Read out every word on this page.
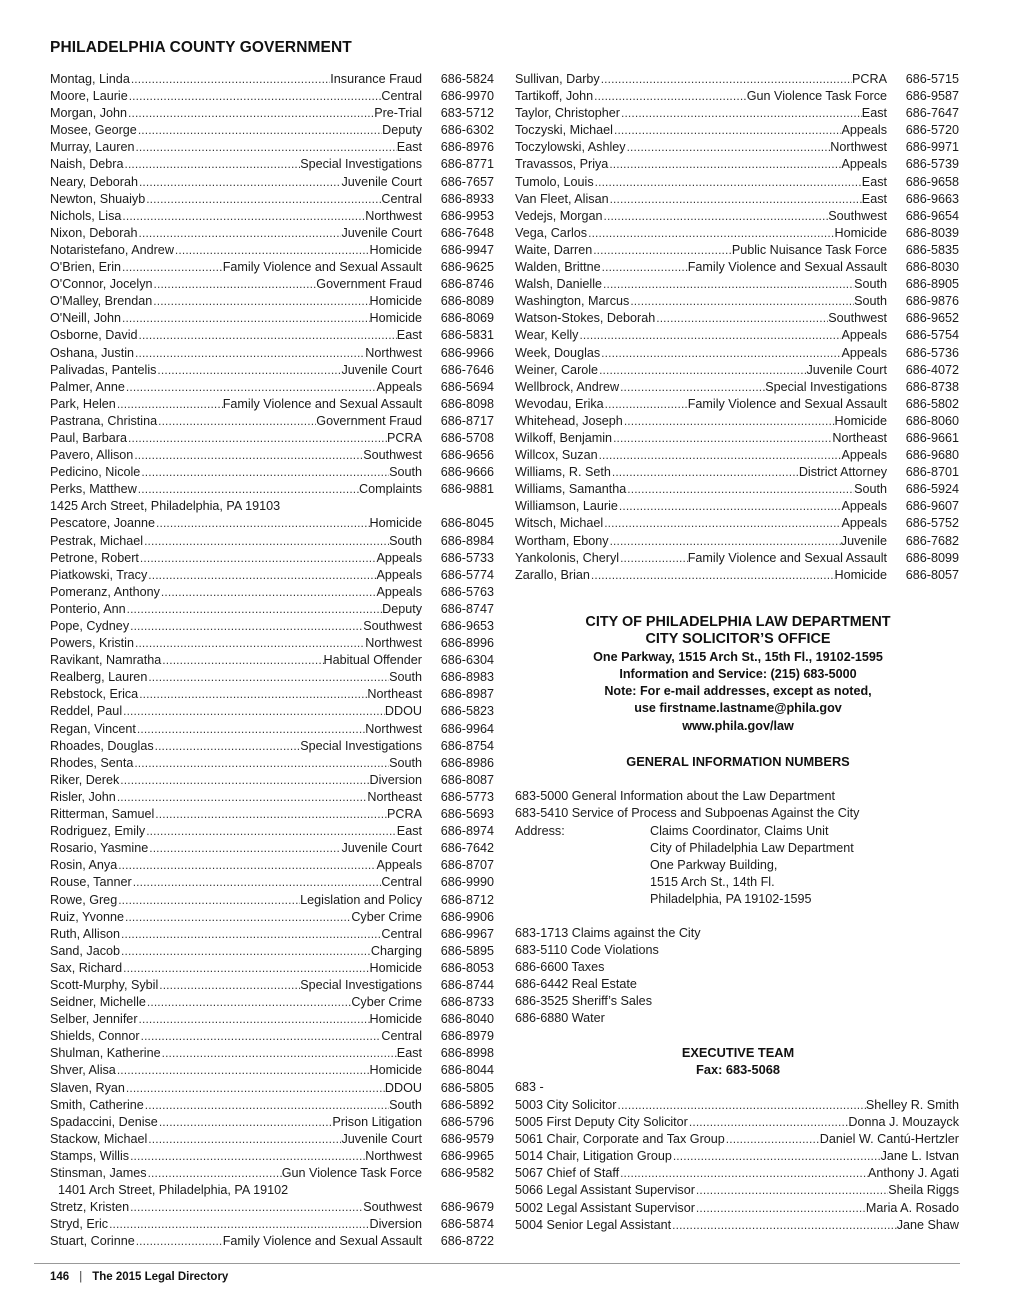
PHILADELPHIA COUNTY GOVERNMENT
Montag, Linda . . .	Insurance Fraud	686-5824
Moore, Laurie . . .	Central	686-9970
Morgan, John . . .	Pre-Trial	683-5712
Mosee, George . . .	Deputy	686-6302
Murray, Lauren . . .	East	686-8976
Naish, Debra . . .	Special Investigations	686-8771
Neary, Deborah . . .	Juvenile Court	686-7657
Newton, Shuaiyb . . .	Central	686-8933
Nichols, Lisa . . .	Northwest	686-9953
Nixon, Deborah . . .	Juvenile Court	686-7648
Notaristefano, Andrew . . .	Homicide	686-9947
O'Brien, Erin . . .	Family Violence and Sexual Assault	686-9625
O'Connor, Jocelyn . . .	Government Fraud	686-8746
O'Malley, Brendan . . .	Homicide	686-8089
O'Neill, John . . .	Homicide	686-8069
Osborne, David . . .	East	686-5831
Oshana, Justin . . .	Northwest	686-9966
Palivadas, Pantelis . . .	Juvenile Court	686-7646
Palmer, Anne . . .	Appeals	686-5694
Park, Helen . . .	Family Violence and Sexual Assault	686-8098
Pastrana, Christina . . .	Government Fraud	686-8717
Paul, Barbara . . .	PCRA	686-5708
Pavero, Allison . . .	Southwest	686-9656
Pedicino, Nicole . . .	South	686-9666
Perks, Matthew . . .	Complaints	686-9881
1425 Arch Street, Philadelphia, PA 19103
Pescatore, Joanne . . .	Homicide	686-8045
Pestrak, Michael . . .	South	686-8984
Petrone, Robert . . .	Appeals	686-5733
Piatkowski, Tracy . . .	Appeals	686-5774
Pomeranz, Anthony . . .	Appeals	686-5763
Ponterio, Ann . . .	Deputy	686-8747
Pope, Cydney . . .	Southwest	686-9653
Powers, Kristin . . .	Northwest	686-8996
Ravikant, Namratha . . .	Habitual Offender	686-6304
Realberg, Lauren . . .	South	686-8983
Rebstock, Erica . . .	Northeast	686-8987
Reddel, Paul . . .	DDOU	686-5823
Regan, Vincent . . .	Northwest	686-9964
Rhoades, Douglas . . .	Special Investigations	686-8754
Rhodes, Senta . . .	South	686-8986
Riker, Derek . . .	Diversion	686-8087
Risler, John . . .	Northeast	686-5773
Ritterman, Samuel . . .	PCRA	686-5693
Rodriguez, Emily . . .	East	686-8974
Rosario, Yasmine . . .	Juvenile Court	686-7642
Rosin, Anya . . .	Appeals	686-8707
Rouse, Tanner . . .	Central	686-9990
Rowe, Greg . . .	Legislation and Policy	686-8712
Ruiz, Yvonne . . .	Cyber Crime	686-9906
Ruth, Allison . . .	Central	686-9967
Sand, Jacob . . .	Charging	686-5895
Sax, Richard . . .	Homicide	686-8053
Scott-Murphy, Sybil . . .	Special Investigations	686-8744
Seidner, Michelle . . .	Cyber Crime	686-8733
Selber, Jennifer . . .	Homicide	686-8040
Shields, Connor . . .	Central	686-8979
Shulman, Katherine . . .	East	686-8998
Shver, Alisa . . .	Homicide	686-8044
Slaven, Ryan . . .	DDOU	686-5805
Smith, Catherine . . .	South	686-5892
Spadaccini, Denise . . .	Prison Litigation	686-5796
Stackow, Michael . . .	Juvenile Court	686-9579
Stamps, Willis . . .	Northwest	686-9965
Stinsman, James . . .	Gun Violence Task Force	686-9582
1401 Arch Street, Philadelphia, PA 19102
Stretz, Kristen . . .	Southwest	686-9679
Stryd, Eric . . .	Diversion	686-5874
Stuart, Corinne . . .	Family Violence and Sexual Assault	686-8722
Sullivan, Darby . . .	PCRA	686-5715
Tartikoff, John . . .	Gun Violence Task Force	686-9587
Taylor, Christopher . . .	East	686-7647
Toczyski, Michael . . .	Appeals	686-5720
Toczylowski, Ashley . . .	Northwest	686-9971
Travassos, Priya . . .	Appeals	686-5739
Tumolo, Louis . . .	East	686-9658
Van Fleet, Alisan . . .	East	686-9663
Vedejs, Morgan . . .	Southwest	686-9654
Vega, Carlos . . .	Homicide	686-8039
Waite, Darren . . .	Public Nuisance Task Force	686-5835
Walden, Brittne . . .	Family Violence and Sexual Assault	686-8030
Walsh, Danielle . . .	South	686-8905
Washington, Marcus . . .	South	686-9876
Watson-Stokes, Deborah . . .	Southwest	686-9652
Wear, Kelly . . .	Appeals	686-5754
Week, Douglas . . .	Appeals	686-5736
Weiner, Carole . . .	Juvenile Court	686-4072
Wellbrock, Andrew . . .	Special Investigations	686-8738
Wevodau, Erika . . .	Family Violence and Sexual Assault	686-5802
Whitehead, Joseph . . .	Homicide	686-8060
Wilkoff, Benjamin . . .	Northeast	686-9661
Willcox, Suzan . . .	Appeals	686-9680
Williams, R. Seth . . .	District Attorney	686-8701
Williams, Samantha . . .	South	686-5924
Williamson, Laurie . . .	Appeals	686-9607
Witsch, Michael . . .	Appeals	686-5752
Wortham, Ebony . . .	Juvenile	686-7682
Yankolonis, Cheryl . . .	Family Violence and Sexual Assault	686-8099
Zarallo, Brian . . .	Homicide	686-8057
CITY OF PHILADELPHIA LAW DEPARTMENT
CITY SOLICITOR’S OFFICE
One Parkway, 1515 Arch St., 15th Fl., 19102-1595
Information and Service: (215) 683-5000
Note: For e-mail addresses, except as noted,
use firstname.lastname@phila.gov
www.phila.gov/law
GENERAL INFORMATION NUMBERS
683-5000 General Information about the Law Department
683-5410 Service of Process and Subpoenas Against the City
Address:	Claims Coordinator, Claims Unit
City of Philadelphia Law Department
One Parkway Building,
1515 Arch St., 14th Fl.
Philadelphia, PA 19102-1595
683-1713 Claims against the City
683-5110 Code Violations
686-6600 Taxes
686-6442 Real Estate
686-3525 Sheriff’s Sales
686-6880 Water
EXECUTIVE TEAM
Fax: 683-5068
683 -
5003 City Solicitor . . .	Shelley R. Smith
5005 First Deputy City Solicitor . . .	Donna J. Mouzayck
5061 Chair, Corporate and Tax Group . . .	Daniel W. Cantú-Hertzler
5014 Chair, Litigation Group . . .	Jane L. Istvan
5067 Chief of Staff . . .	Anthony J. Agati
5066 Legal Assistant Supervisor . . .	Sheila Riggs
5002 Legal Assistant Supervisor . . .	Maria A. Rosado
5004 Senior Legal Assistant . . .	Jane Shaw
146 | The 2015 Legal Directory
